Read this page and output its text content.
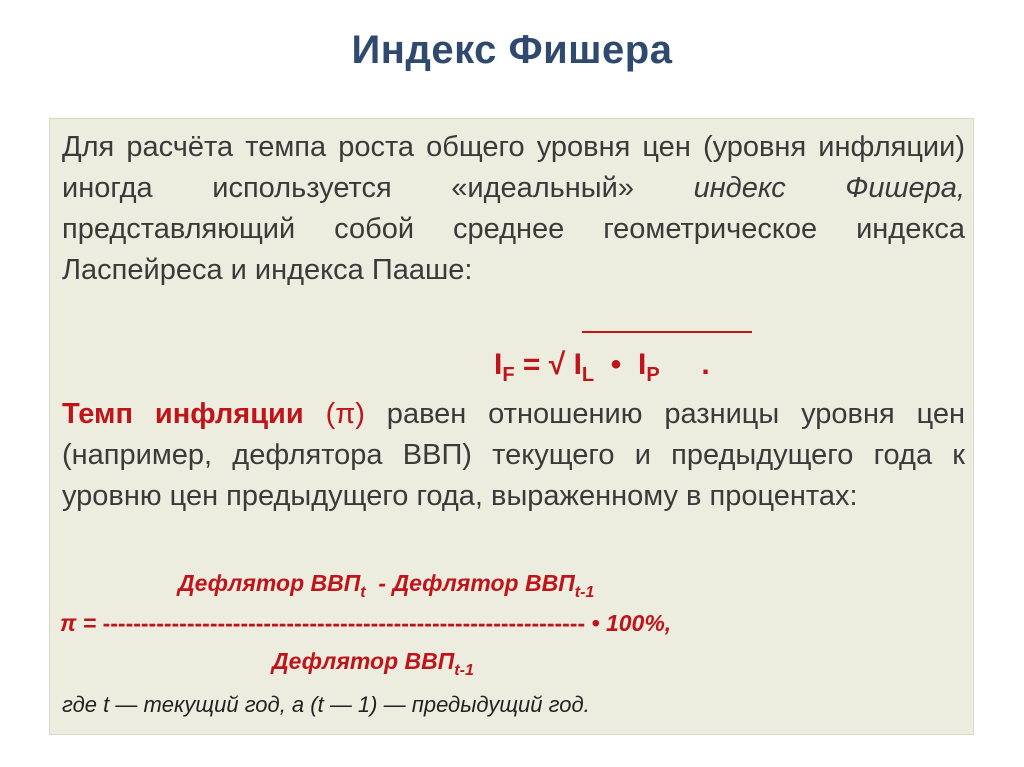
Индекс Фишера
Для расчёта темпа роста общего уровня цен (уровня инфляции) иногда используется «идеальный» индекс Фишера, представляющий собой среднее геометрическое индекса Ласпейреса и индекса Пааше:
$I_F$ = √ $I_L$  •  $I_P$     .
Темп инфляции (π) равен отношению разницы уровня цен (например, дефлятора ВВП) текущего и предыдущего года к уровню цен предыдущего года, выраженному в процентах:
Дефлятор $ВВП_t$  - Дефлятор $ВВП_{t-1}$
π = --------------------------------------------------------------- • 100%,
Дефлятор $ВВП_{t-1}$
где t — текущий год, а (t — 1) — предыдущий год.
